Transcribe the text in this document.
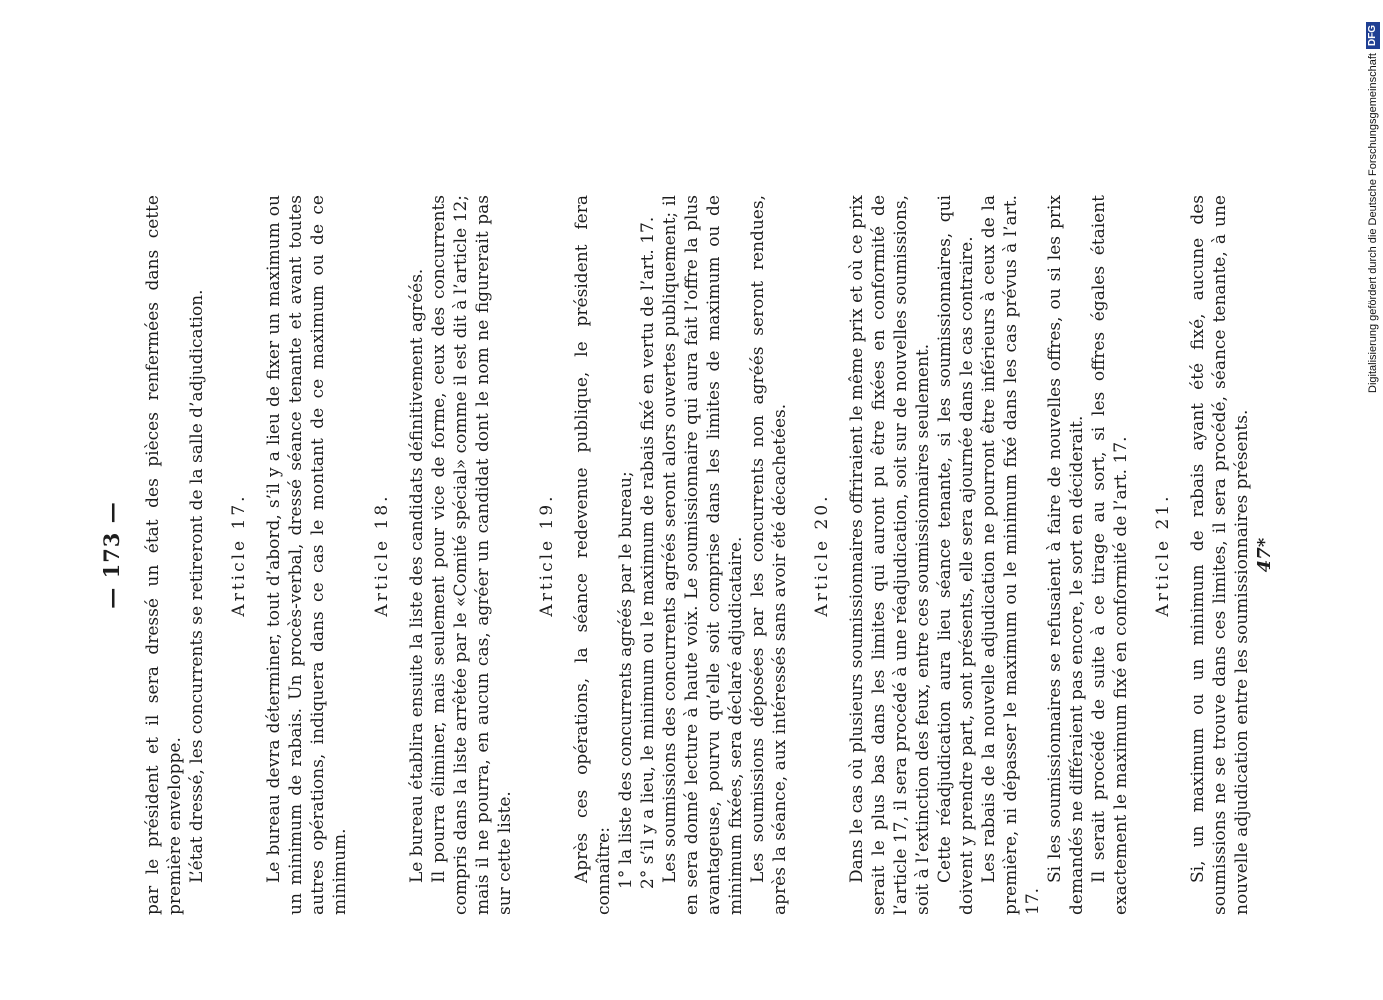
— 173 — par le président et il sera dressé un état des pièces renfermées dans cette première enveloppe. L’état dressé, les concurrents se retireront de la salle d’adjudication. Article 17. Le bureau devra déterminer, tout d’abord, s’il y a lieu de fixer un maximum ou un minimum de rabais. Un procès-verbal, dressé séance tenante et avant toutes autres opérations, indiquera dans ce cas le montant de ce maximum ou de ce minimum.

Article 18. Le bureau établira ensuite la liste des candidats définitivement agréés. Il pourra éliminer, mais seulement pour vice de forme, ceux des concurrents compris dans la liste arrêtée par le «Comité spécial» comme il est dit à l’article 12; mais il ne pourra, en aucun cas, agréer un candidat dont le nom ne figurerait pas sur cette liste.

Article 19. Après ces opérations, la séance redevenue publique, le président fera connaître: 1° la liste des concurrents agréés par le bureau; 2° s’il y a lieu, le minimum ou le maximum de rabais fixé en vertu de l’art. 17. Les soumissions des concurrents agréés seront alors ouvertes publiquement; il en sera donné lecture à haute voix. Le soumissionnaire qui aura fait l’offre la plus avantageuse, pourvu qu’elle soit comprise dans les limites de maximum ou de minimum fixées, sera déclaré adjudicataire. Les soumissions déposées par les concurrents non agréés seront rendues, après la séance, aux intéressés sans avoir été décachetées. Article 20. Dans le cas où plusieurs soumissionnaires offriraient le même prix et où ce prix serait le plus bas dans les limites qui auront pu être fixées en conformité de l’article 17, il sera procédé à une réadjudication, soit sur de nouvelles soumissions, soit à l’extinction des feux, entre ces soumissionnaires seulement. Cette réadjudication aura lieu séance tenante, si les soumissionnaires, qui doivent y prendre part, sont présents, elle sera ajournée dans le cas contraire. Les rabais de la nouvelle adjudication ne pourront être inférieurs à ceux de la première, ni dépasser le maximum ou le minimum fixé dans les cas prévus à l’art. 17.

Si les soumissionnaires se refusaient à faire de nouvelles offres, ou si les prix demandés ne différaient pas encore, le sort en déciderait. Il serait procédé de suite à ce tirage au sort, si les offres égales étaient exactement le maximum fixé en conformité de l’art. 17. Article 21. Si, un maximum ou un minimum de rabais ayant été fixé, aucune des soumissions ne se trouve dans ces limites, il sera procédé, séance tenante, à une nouvelle adjudication entre les soumissionnaires présents. 47*
Digitalisierung gefördert durch die Deutsche Forschungsgemeinschaft
DFG
